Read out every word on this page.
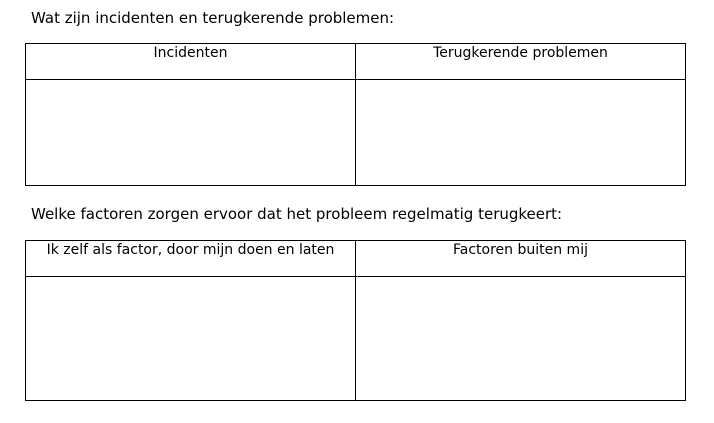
Wat zijn incidenten en terugkerende problemen:
Incidenten	Terugkerende problemen

Welke factoren zorgen ervoor dat het probleem regelmatig terugkeert:
Ik zelf als factor, door mijn doen en laten	Factoren buiten mij
